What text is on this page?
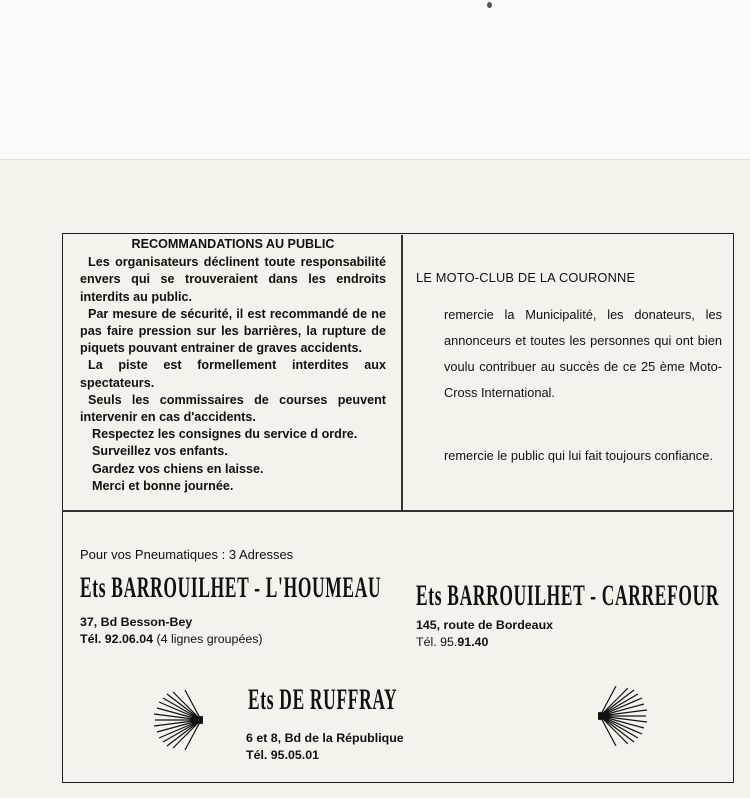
RECOMMANDATIONS AU PUBLIC

Les organisateurs déclinent toute responsabilité envers qui se trouveraient dans les endroits interdits au public.

Par mesure de sécurité, il est recommandé de ne pas faire pression sur les barrières, la rupture de piquets pouvant entrainer de graves accidents.

La piste est formellement interdites aux spectateurs.

Seuls les commissaires de courses peuvent intervenir en cas d'accidents.

Respectez les consignes du service d ordre.

Surveillez vos enfants.

Gardez vos chiens en laisse.

Merci et bonne journée.

LE MOTO-CLUB DE LA COURONNE

remercie la Municipalité, les donateurs, les annonceurs et toutes les personnes qui ont bien voulu contribuer au succès de ce 25 ème Moto-Cross International.

remercie le public qui lui fait toujours confiance.

Pour vos Pneumatiques : 3 Adresses
Ets BARROUILHET - L'HOUMEAU
37, Bd Besson-Bey
Tél. 92.06.04 (4 lignes groupées)
Ets BARROUILHET - CARREFOUR
145, route de Bordeaux
Tél. 95.91.40
Ets DE RUFFRAY
6 et 8, Bd de la République
Tél. 95.05.01
